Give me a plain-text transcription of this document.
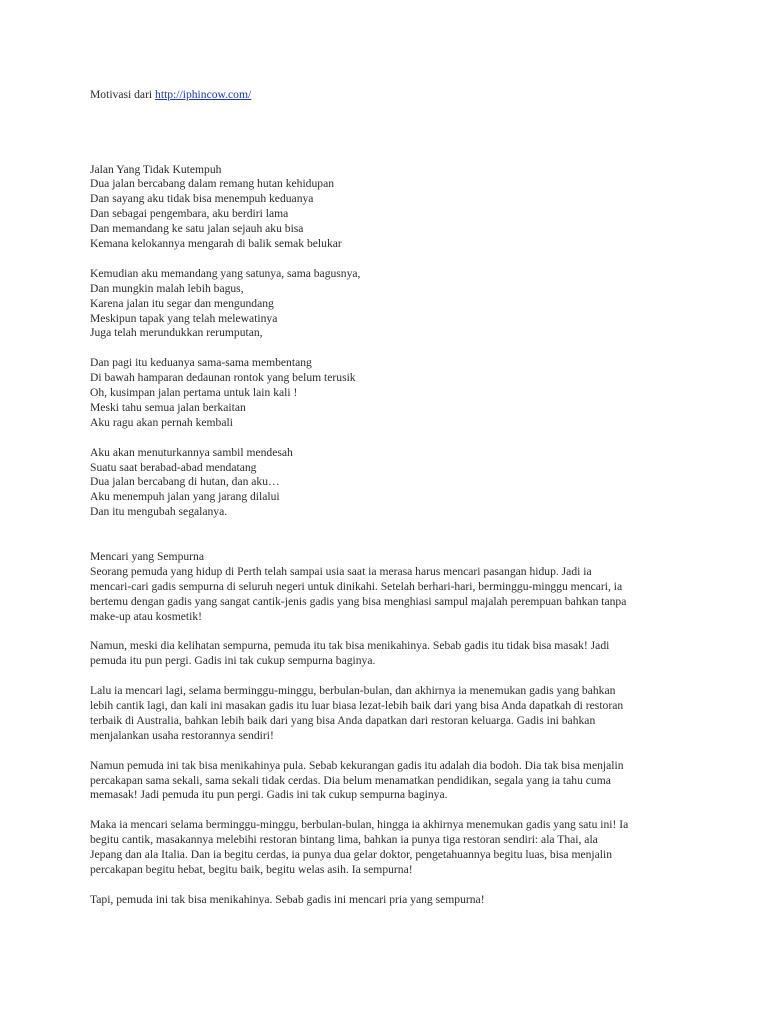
Motivasi dari http://iphincow.com/
Jalan Yang Tidak Kutempuh
Dua jalan bercabang dalam remang hutan kehidupan
Dan sayang aku tidak bisa menempuh keduanya
Dan sebagai pengembara, aku berdiri lama
Dan memandang ke satu jalan sejauh aku bisa
Kemana kelokannya mengarah di balik semak belukar
Kemudian aku memandang yang satunya, sama bagusnya,
Dan mungkin malah lebih bagus,
Karena jalan itu segar dan mengundang
Meskipun tapak yang telah melewatinya
Juga telah merundukkan rerumputan,
Dan pagi itu keduanya sama-sama membentang
Di bawah hamparan dedaunan rontok yang belum terusik
Oh, kusimpan jalan pertama untuk lain kali !
Meski tahu semua jalan berkaitan
Aku ragu akan pernah kembali
Aku akan menuturkannya sambil mendesah
Suatu saat berabad-abad mendatang
Dua jalan bercabang di hutan, dan aku…
Aku menempuh jalan yang jarang dilalui
Dan itu mengubah segalanya.
Mencari yang Sempurna
Seorang pemuda yang hidup di Perth telah sampai usia saat ia merasa harus mencari pasangan hidup. Jadi ia
mencari-cari gadis sempurna di seluruh negeri untuk dinikahi. Setelah berhari-hari, berminggu-minggu mencari, ia
bertemu dengan gadis yang sangat cantik-jenis gadis yang bisa menghiasi sampul majalah perempuan bahkan tanpa
make-up atau kosmetik!
Namun, meski dia kelihatan sempurna, pemuda itu tak bisa menikahinya. Sebab gadis itu tidak bisa masak! Jadi
pemuda itu pun pergi. Gadis ini tak cukup sempurna baginya.
Lalu ia mencari lagi, selama berminggu-minggu, berbulan-bulan, dan akhirnya ia menemukan gadis yang bahkan
lebih cantik lagi, dan kali ini masakan gadis itu luar biasa lezat-lebih baik dari yang bisa Anda dapatkah di restoran
terbaik di Australia, bahkan lebih baik dari yang bisa Anda dapatkan dari restoran keluarga. Gadis ini bahkan
menjalankan usaha restorannya sendiri!
Namun pemuda ini tak bisa menikahinya pula. Sebab kekurangan gadis itu adalah dia bodoh. Dia tak bisa menjalin
percakapan sama sekali, sama sekali tidak cerdas. Dia belum menamatkan pendidikan, segala yang ia tahu cuma
memasak! Jadi pemuda itu pun pergi. Gadis ini tak cukup sempurna baginya.
Maka ia mencari selama berminggu-minggu, berbulan-bulan, hingga ia akhirnya menemukan gadis yang satu ini! Ia
begitu cantik, masakannya melebihi restoran bintang lima, bahkan ia punya tiga restoran sendiri: ala Thai, ala
Jepang dan ala Italia. Dan ia begitu cerdas, ia punya dua gelar doktor, pengetahuannya begitu luas, bisa menjalin
percakapan begitu hebat, begitu baik, begitu welas asih. Ia sempurna!
Tapi, pemuda ini tak bisa menikahinya. Sebab gadis ini mencari pria yang sempurna!
